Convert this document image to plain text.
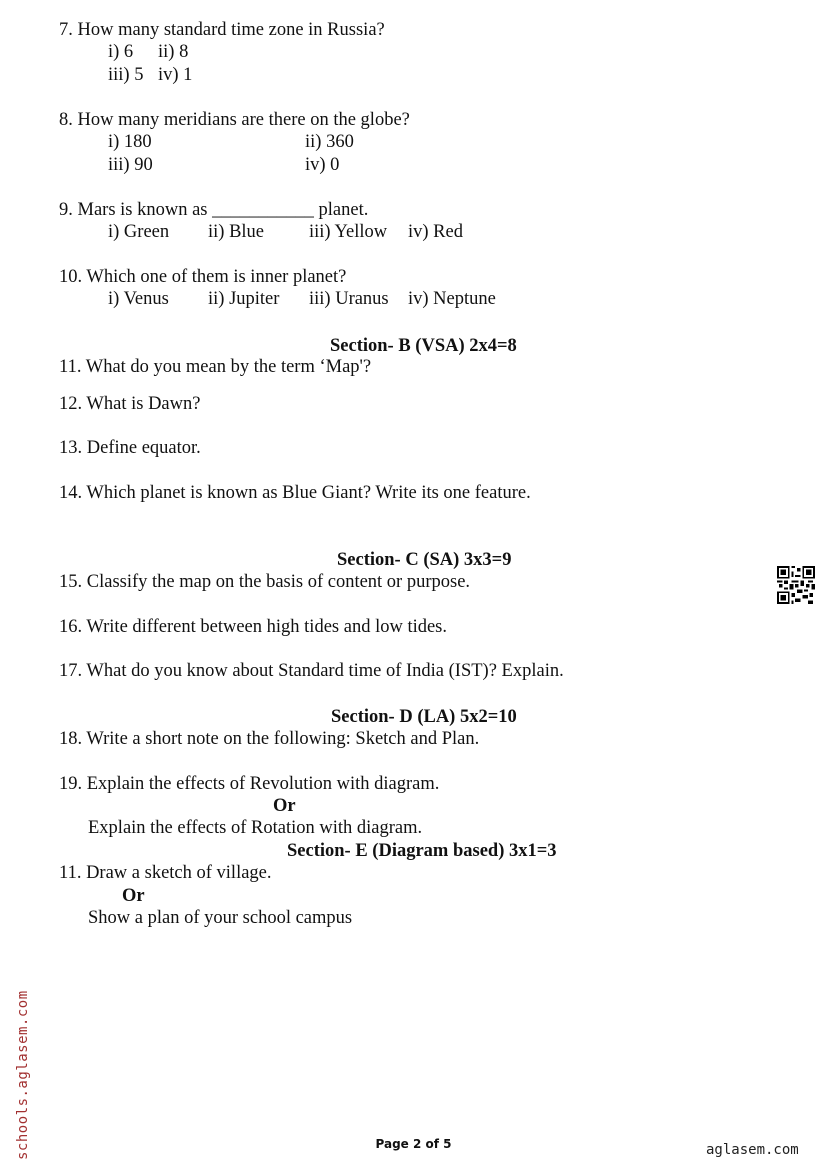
7. How many standard time zone in Russia?
i) 6 ii) 8
iii) 5 iv) 1
8. How many meridians are there on the globe?
i) 180	ii) 360
iii) 90	iv) 0
9. Mars is known as ___________ planet.
i) Green ii) Blue iii) Yellow iv) Red
10. Which one of them is inner planet?
i) Venus ii) Jupiter iii) Uranus iv) Neptune
Section- B (VSA) 2x4=8
11. What do you mean by the term ‘Map'?
12. What is Dawn?
13. Define equator.
14. Which planet is known as Blue Giant? Write its one feature.
Section- C (SA) 3x3=9
15. Classify the map on the basis of content or purpose.
16. Write different between high tides and low tides.
17. What do you know about Standard time of India (IST)? Explain.
Section- D (LA) 5x2=10
18. Write a short note on the following: Sketch and Plan.
19. Explain the effects of Revolution with diagram.
Or
Explain the effects of Rotation with diagram.
Section- E (Diagram based) 3x1=3
11. Draw a sketch of village.
Or
Show a plan of your school campus
schools.aglasem.com	Page 2 of 5	aglasem.com
